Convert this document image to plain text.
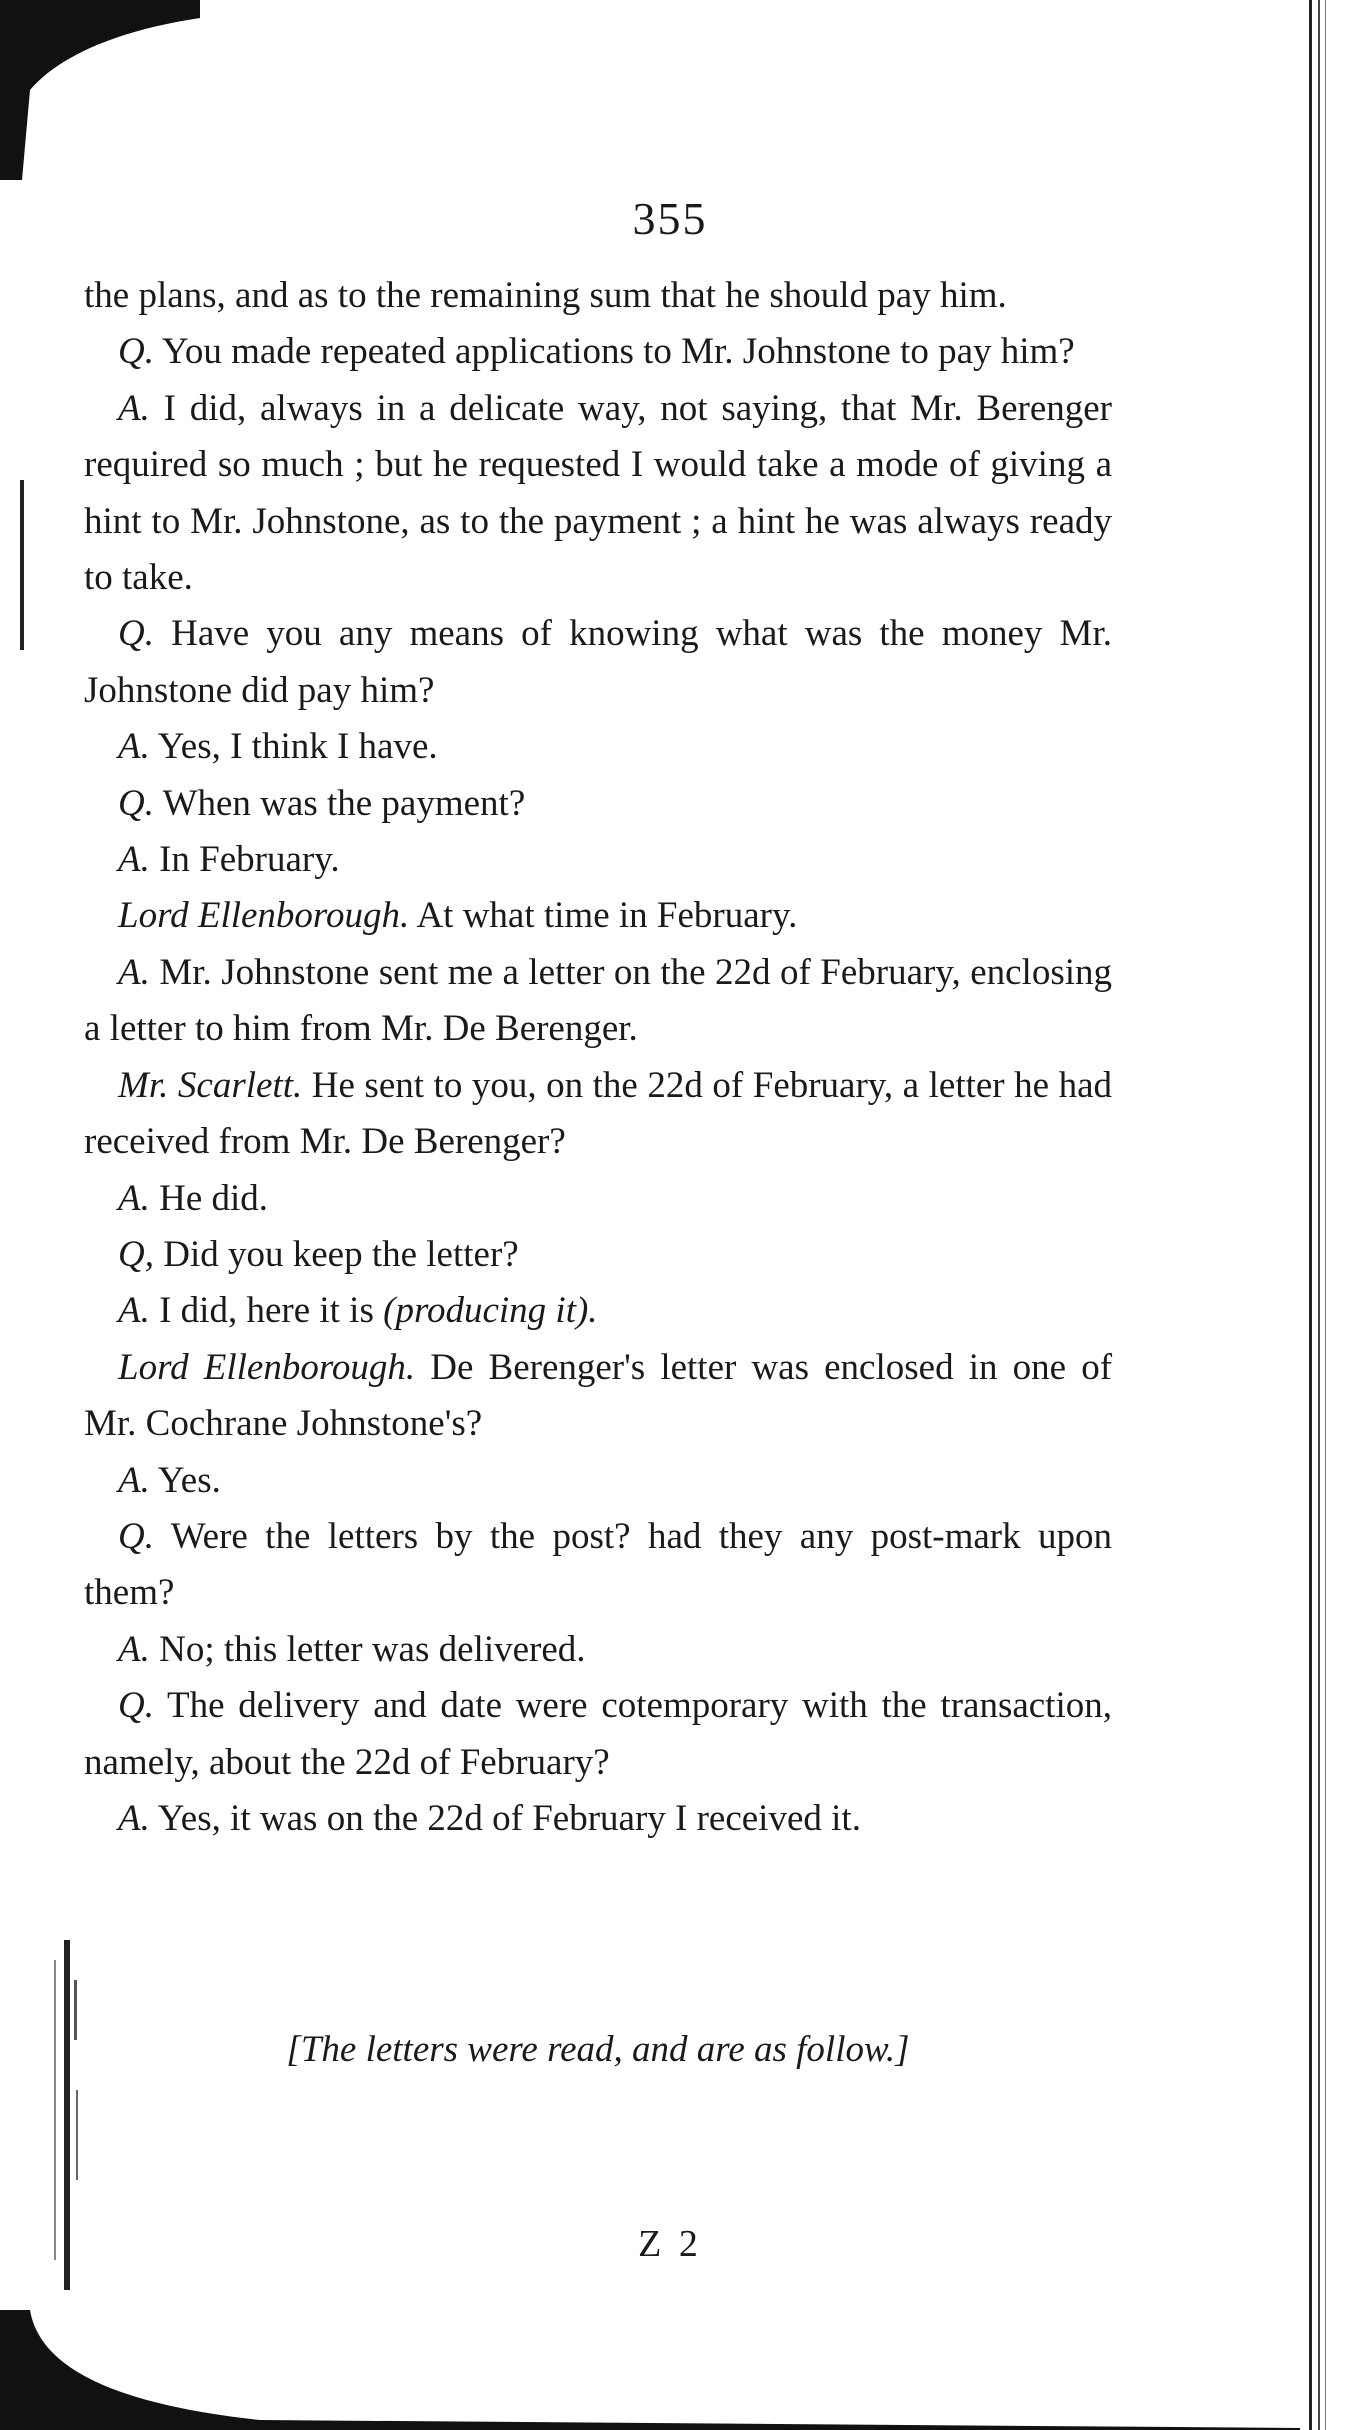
355

the plans, and as to the remaining sum that he should pay him.

Q. You made repeated applications to Mr. Johnstone to pay him?

A. I did, always in a delicate way, not saying, that Mr. Berenger required so much ; but he requested I would take a mode of giving a hint to Mr. Johnstone, as to the payment ; a hint he was always ready to take.

Q. Have you any means of knowing what was the money Mr. Johnstone did pay him?

A. Yes, I think I have.

Q. When was the payment?

A. In February.

Lord Ellenborough. At what time in February.

A. Mr. Johnstone sent me a letter on the 22d of February, enclosing a letter to him from Mr. De Berenger.

Mr. Scarlett. He sent to you, on the 22d of February, a letter he had received from Mr. De Berenger?

A. He did.

Q, Did you keep the letter?

A. I did, here it is (producing it).

Lord Ellenborough. De Berenger's letter was enclosed in one of Mr. Cochrane Johnstone's?

A. Yes.

Q. Were the letters by the post? had they any post-mark upon them?

A. No; this letter was delivered.

Q. The delivery and date were cotemporary with the transaction, namely, about the 22d of February?

A. Yes, it was on the 22d of February I received it.

[The letters were read, and are as follow.]
Z 2
